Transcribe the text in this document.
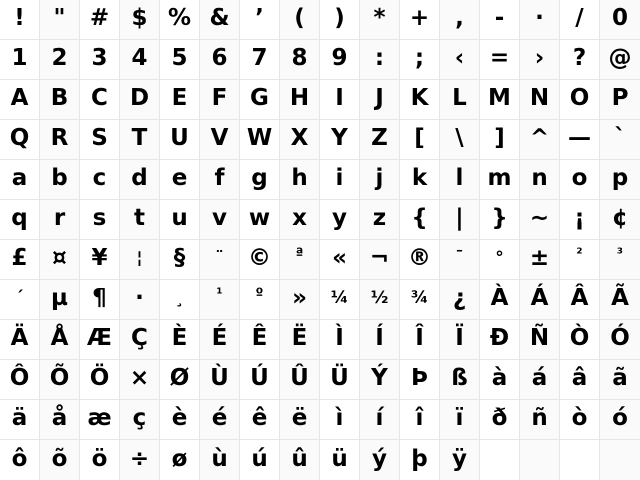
! " # $ % & ’ ( ) * + , - · / 0
1 2 3 4 5 6 7 8 9 : ; ‹ = › ? @
A B C D E F G H I J K L M N O P
Q R S T U V W X Y Z [ \ ] ^ — `
a b c d e f g h i j k l m n o p
q r s t u v w x y z { | } ~ ¡ ¢
£ ¤ ¥ ¦ § ¨ © ª « ¬ ® ¯ ° ± ² ³
´ µ ¶ · ¸ ¹ º » ¼ ½ ¾ ¿ À Á Â Ã
Ä Å Æ Ç È É Ê Ë Ì Í Î Ï Ð Ñ Ò Ó
Ô Õ Ö × Ø Ù Ú Û Ü Ý Þ ß à á â ã
ä å æ ç è é ê ë ì í î ï ð ñ ò ó
ô õ ö ÷ ø ù ú û ü ý þ ÿ
